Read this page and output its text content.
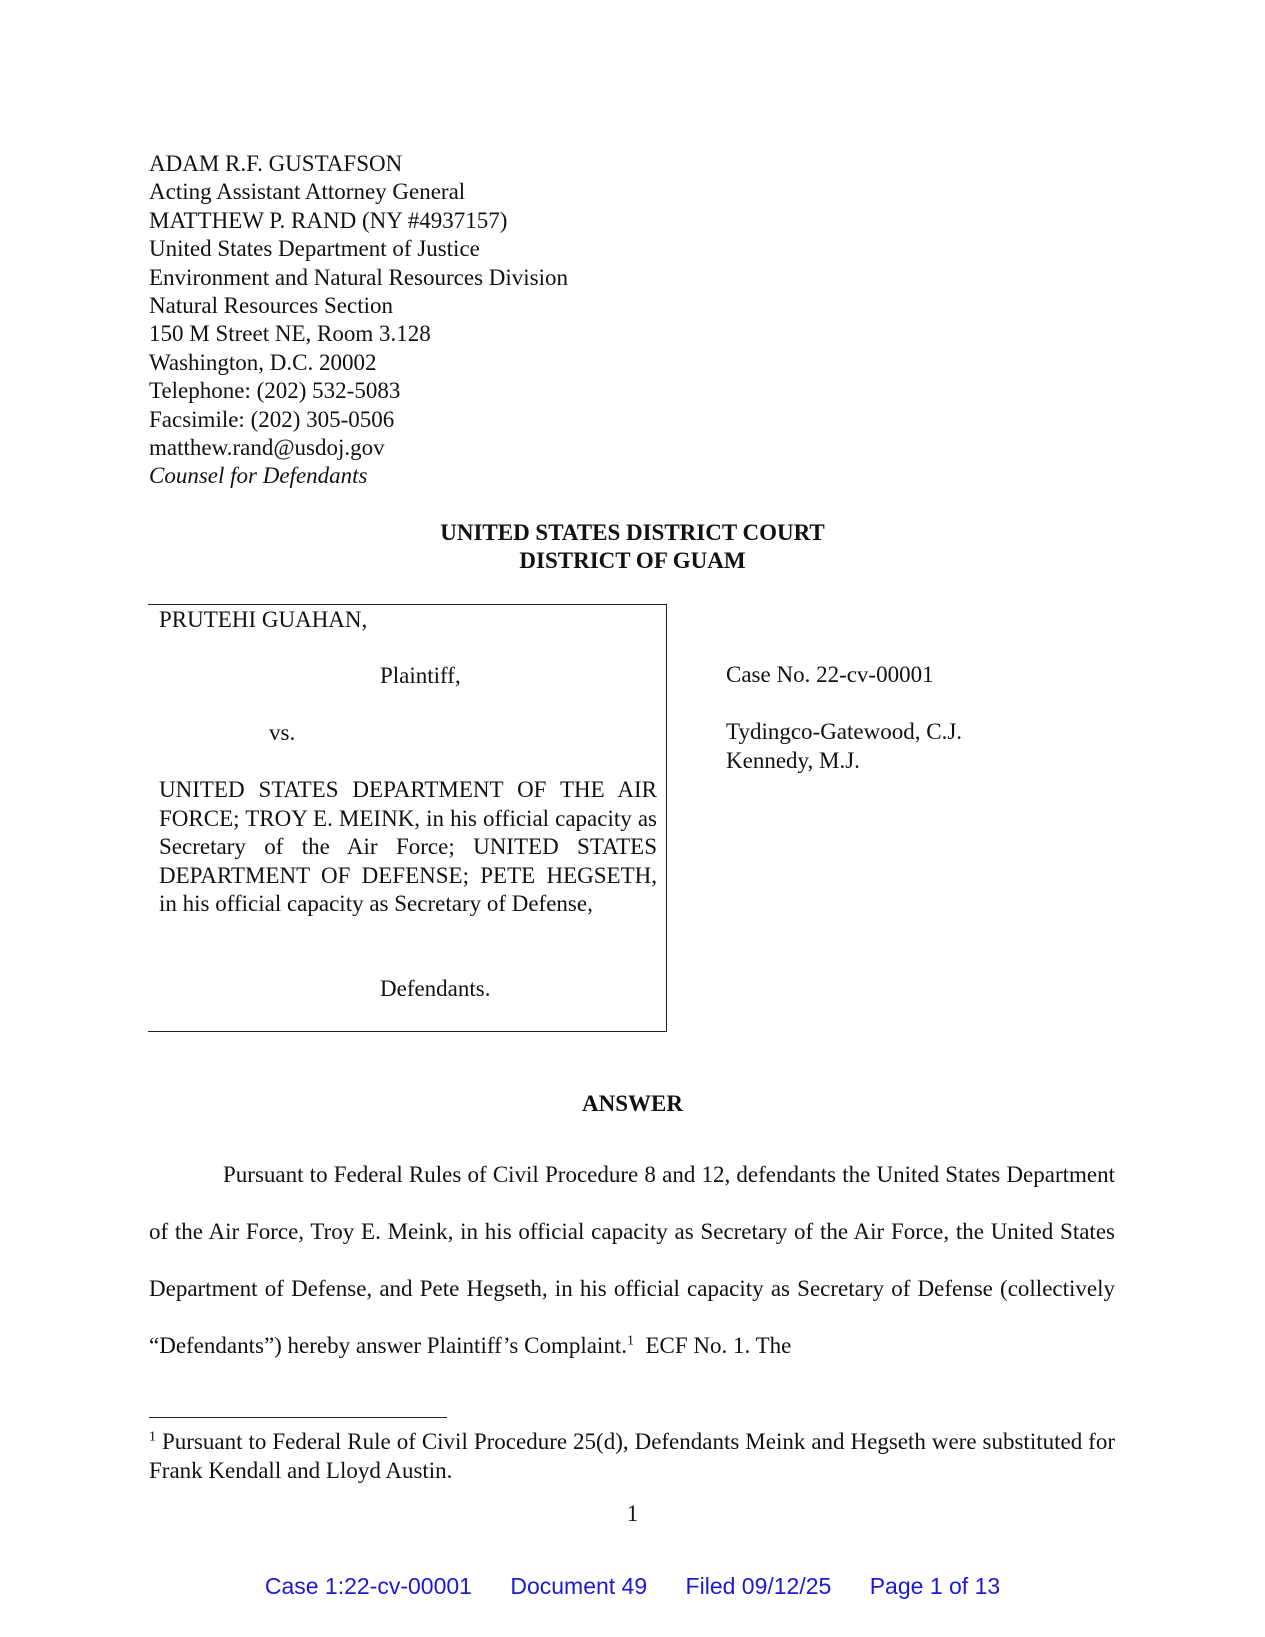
ADAM R.F. GUSTAFSON
Acting Assistant Attorney General
MATTHEW P. RAND (NY #4937157)
United States Department of Justice
Environment and Natural Resources Division
Natural Resources Section
150 M Street NE, Room 3.128
Washington, D.C. 20002
Telephone: (202) 532-5083
Facsimile: (202) 305-0506
matthew.rand@usdoj.gov
Counsel for Defendants
UNITED STATES DISTRICT COURT
DISTRICT OF GUAM
PRUTEHI GUAHAN,
Plaintiff,
vs.
UNITED STATES DEPARTMENT OF THE AIR FORCE; TROY E. MEINK, in his official capacity as Secretary of the Air Force; UNITED STATES DEPARTMENT OF DEFENSE; PETE HEGSETH, in his official capacity as Secretary of Defense,
Defendants.
Case No. 22-cv-00001
Tydingco-Gatewood, C.J.
Kennedy, M.J.
ANSWER

Pursuant to Federal Rules of Civil Procedure 8 and 12, defendants the United States Department of the Air Force, Troy E. Meink, in his official capacity as Secretary of the Air Force, the United States Department of Defense, and Pete Hegseth, in his official capacity as Secretary of Defense (collectively “Defendants”) hereby answer Plaintiff’s Complaint.$^1$  ECF No. 1. The

$^1$ Pursuant to Federal Rule of Civil Procedure 25(d), Defendants Meink and Hegseth were substituted for Frank Kendall and Lloyd Austin.

1
Case 1:22-cv-00001 Document 49 Filed 09/12/25 Page 1 of 13
